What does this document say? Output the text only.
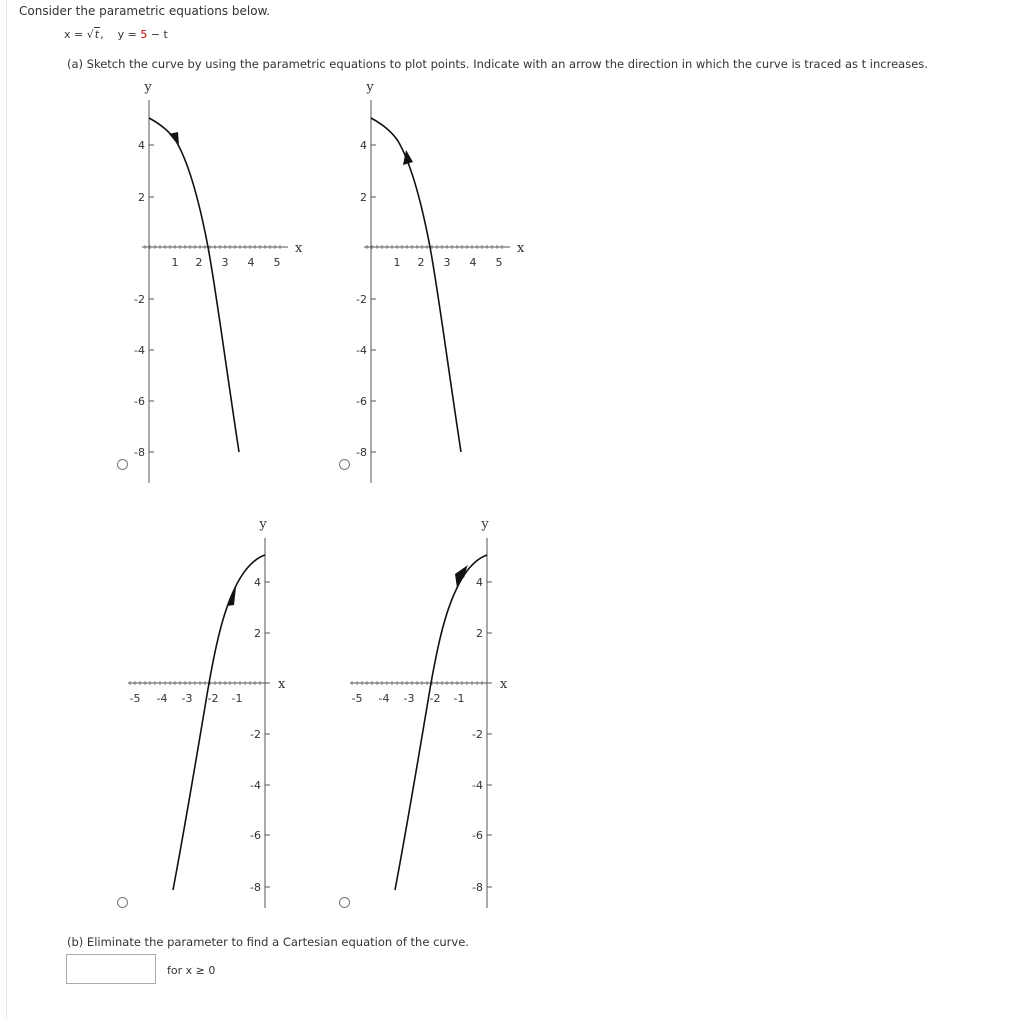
Consider the parametric equations below.
x = √t, y = 5 − t
(a) Sketch the curve by using the parametric equations to plot points. Indicate with an arrow the direction in which the curve is traced as t increases.
y
x
1 2 3 4 5
4
2
-2
-4
-6
-8
y
x
1 2 3 4 5
4
2
-2
-4
-6
-8
y
x
-5 -4 -3 -2 -1
4
2
-2
-4
-6
-8
y
x
-5 -4 -3 -2 -1
4
2
-2
-4
-6
-8
(b) Eliminate the parameter to find a Cartesian equation of the curve.
for x ≥ 0
